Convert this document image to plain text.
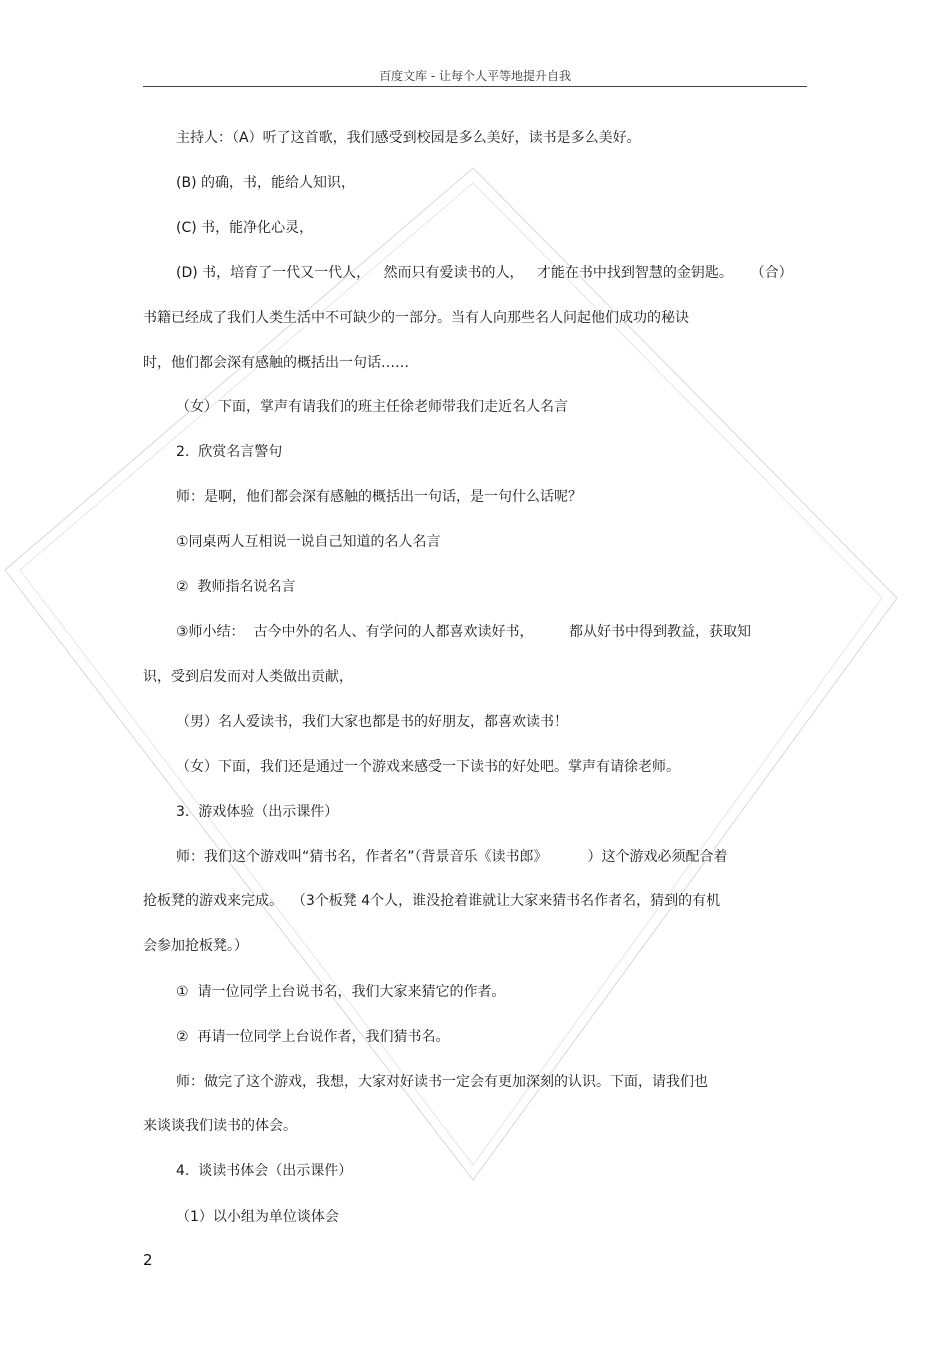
百度文库 - 让每个人平等地提升自我
主持人：（A）听了这首歌，我们感受到校园是多么美好，读书是多么美好。
(B) 的确，书，能给人知识，
(C) 书，能净化心灵，
(D) 书，培育了一代又一代人，   然而只有爱读书的人，   才能在书中找到智慧的金钥匙。    （合）
书籍已经成了我们人类生活中不可缺少的一部分。当有人向那些名人问起他们成功的秘诀
时，他们都会深有感触的概括出一句话……
（女）下面，掌声有请我们的班主任徐老师带我们走近名人名言
2.  欣赏名言警句
师：是啊，他们都会深有感触的概括出一句话，是一句什么话呢？
①同桌两人互相说一说自己知道的名人名言
②  教师指名说名言
③师小结：  古今中外的名人、有学问的人都喜欢读好书，        都从好书中得到教益，获取知
识，受到启发而对人类做出贡献，
（男）名人爱读书，我们大家也都是书的好朋友，都喜欢读书！
（女）下面，我们还是通过一个游戏来感受一下读书的好处吧。掌声有请徐老师。
3.  游戏体验（出示课件）
师：我们这个游戏叫“猜书名，作者名”（背景音乐《读书郎》         ）这个游戏必须配合着
抢板凳的游戏来完成。  （3个板凳 4个人，谁没抢着谁就让大家来猜书名作者名，猜到的有机
会参加抢板凳。）
①  请一位同学上台说书名，我们大家来猜它的作者。
②  再请一位同学上台说作者，我们猜书名。
师：做完了这个游戏，我想，大家对好读书一定会有更加深刻的认识。下面，请我们也
来谈谈我们读书的体会。
4.  谈读书体会（出示课件）
（1）以小组为单位谈体会
2
